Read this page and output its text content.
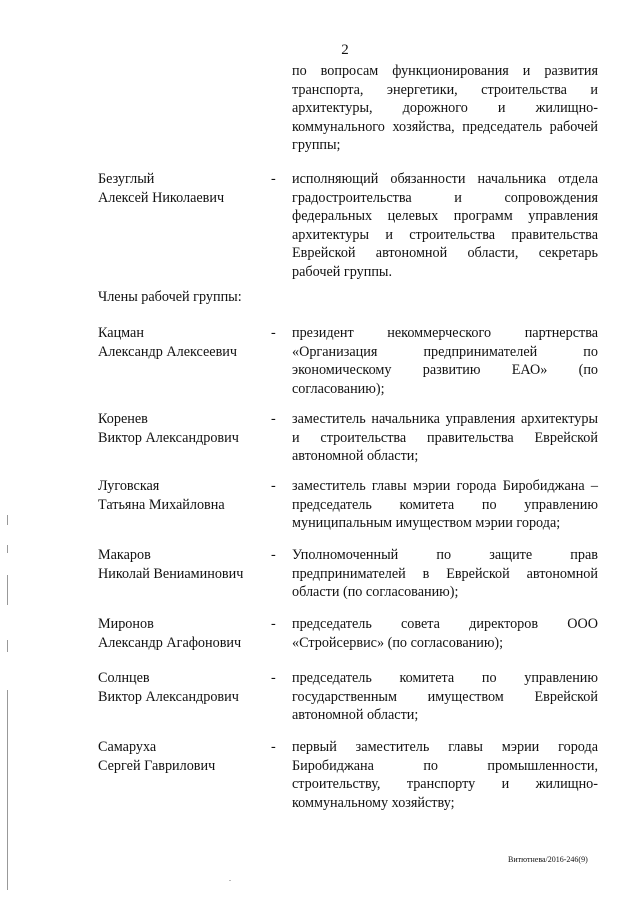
2
по вопросам функционирования и развития транспорта, энергетики, строительства и архитектуры, дорожного и жилищно-коммунального хозяйства, председатель рабочей группы;
Безуглый
Алексей Николаевич
- исполняющий обязанности начальника отдела градостроительства и сопровождения федеральных целевых программ управления архитектуры и строительства правительства Еврейской автономной области, секретарь рабочей группы.
Члены рабочей группы:
Кацман
Александр Алексеевич
- президент некоммерческого партнерства «Организация предпринимателей по экономическому развитию ЕАО» (по согласованию);
Коренев
Виктор Александрович
- заместитель начальника управления архитектуры и строительства правительства Еврейской автономной области;
Луговская
Татьяна Михайловна
- заместитель главы мэрии города Биробиджана – председатель комитета по управлению муниципальным имуществом мэрии города;
Макаров
Николай Вениаминович
- Уполномоченный по защите прав предпринимателей в Еврейской автономной области (по согласованию);
Миронов
Александр Агафонович
- председатель совета директоров ООО «Стройсервис» (по согласованию);
Солнцев
Виктор Александрович
- председатель комитета по управлению государственным имуществом Еврейской автономной области;
Самаруха
Сергей Гаврилович
- первый заместитель главы мэрии города Биробиджана по промышленности, строительству, транспорту и жилищно-коммунальному хозяйству;
Витютнева/2016-246(9)
